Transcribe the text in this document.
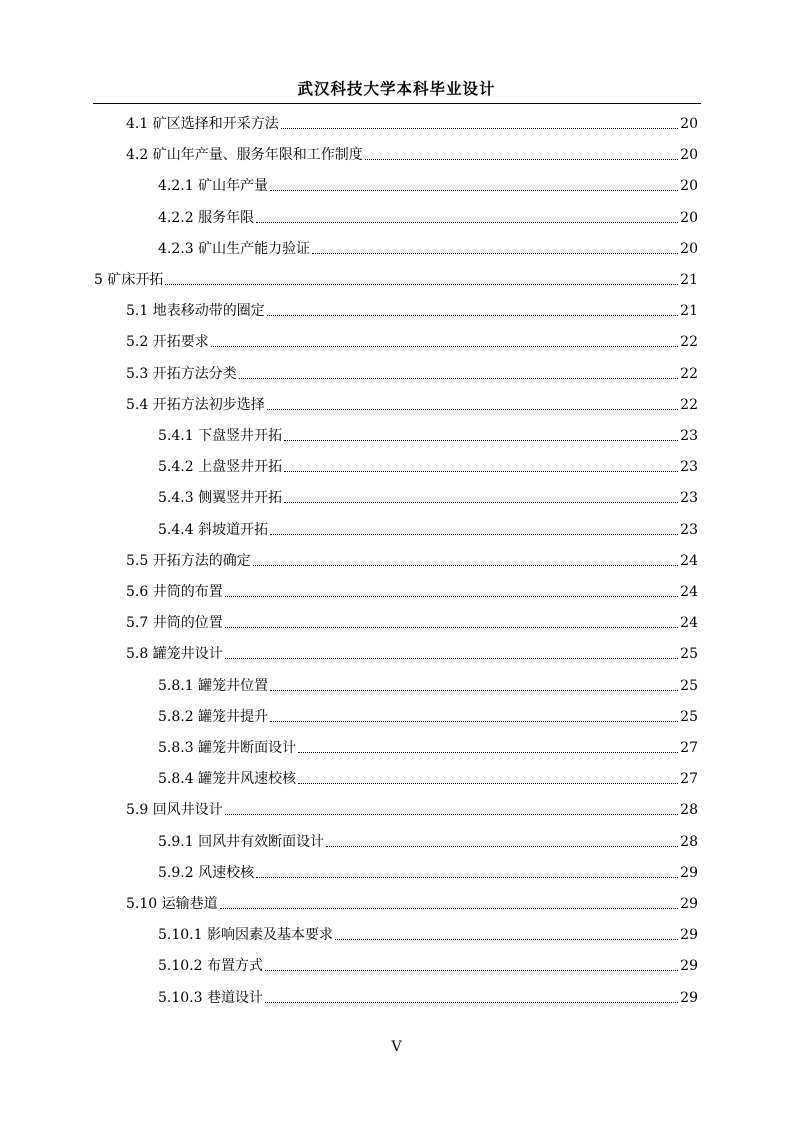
武汉科技大学本科毕业设计
4.1 矿区选择和开采方法	20
4.2 矿山年产量、服务年限和工作制度	20
4.2.1 矿山年产量	20
4.2.2 服务年限	20
4.2.3 矿山生产能力验证	20
5 矿床开拓	21
5.1 地表移动带的圈定	21
5.2 开拓要求	22
5.3 开拓方法分类	22
5.4 开拓方法初步选择	22
5.4.1 下盘竖井开拓	23
5.4.2 上盘竖井开拓	23
5.4.3 侧翼竖井开拓	23
5.4.4 斜坡道开拓	23
5.5 开拓方法的确定	24
5.6 井筒的布置	24
5.7 井筒的位置	24
5.8 罐笼井设计	25
5.8.1 罐笼井位置	25
5.8.2 罐笼井提升	25
5.8.3 罐笼井断面设计	27
5.8.4 罐笼井风速校核	27
5.9 回风井设计	28
5.9.1 回风井有效断面设计	28
5.9.2 风速校核	29
5.10 运输巷道	29
5.10.1 影响因素及基本要求	29
5.10.2 布置方式	29
5.10.3 巷道设计	29
V
